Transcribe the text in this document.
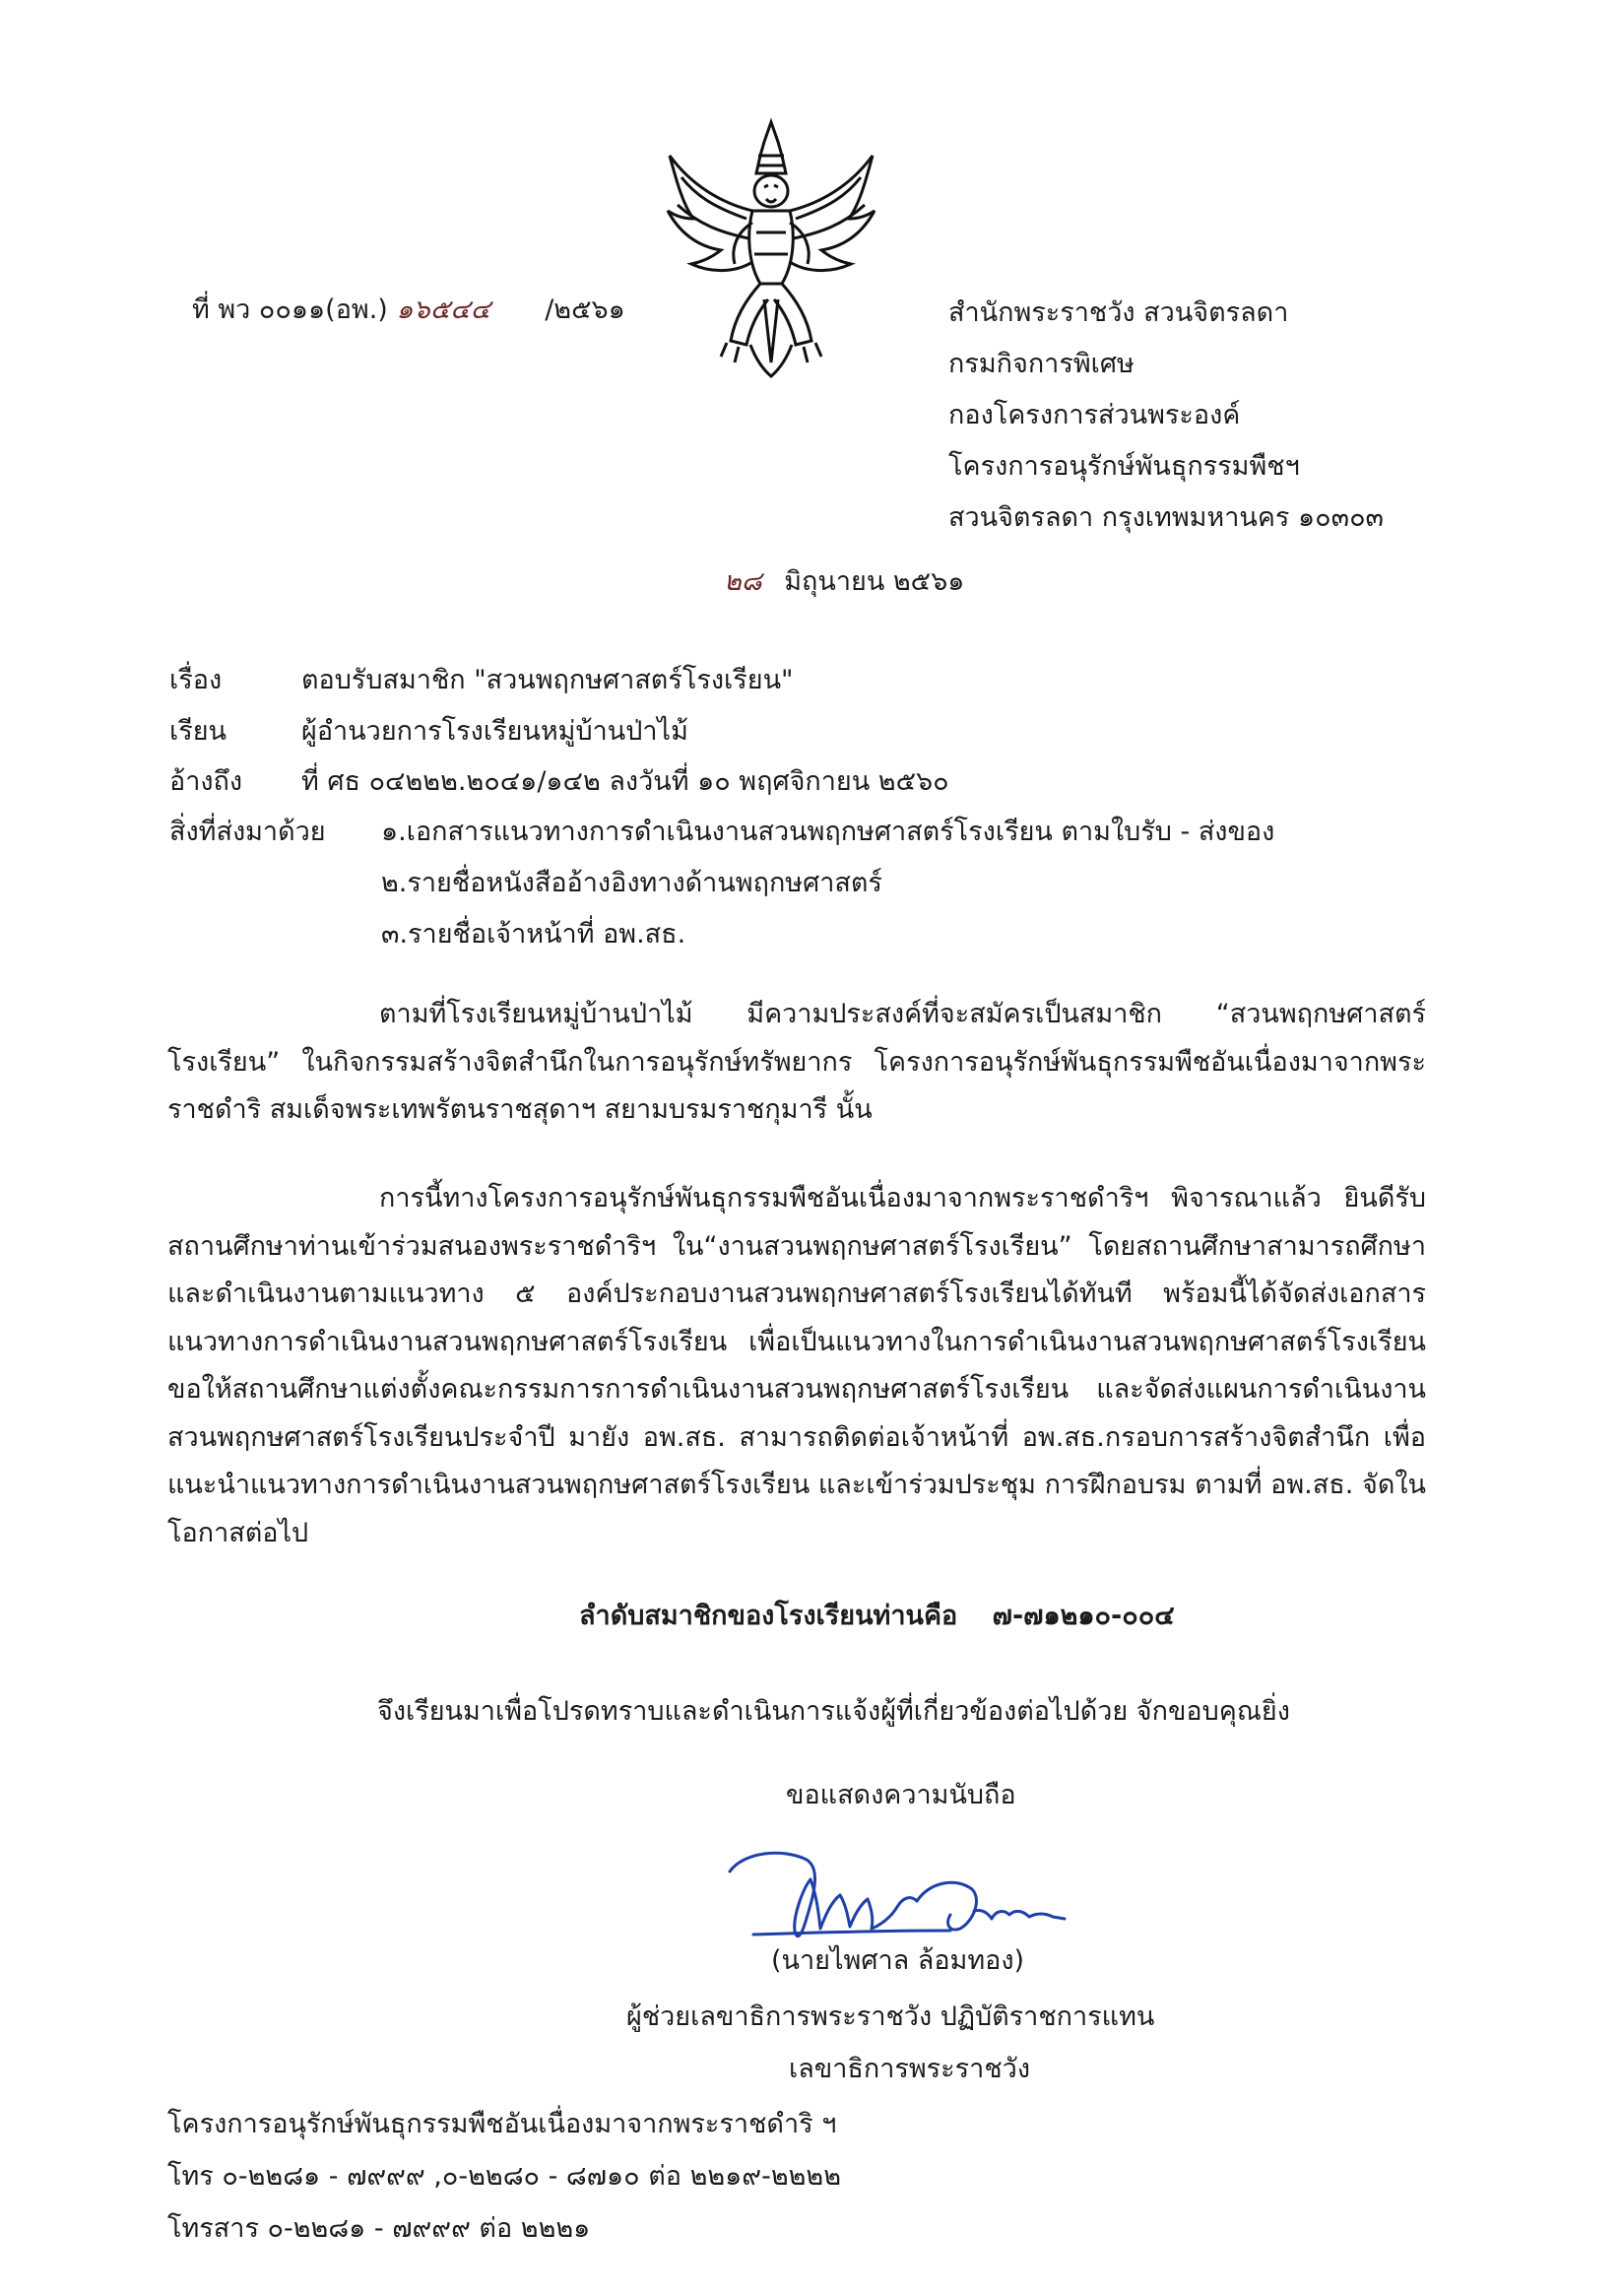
ที่ พว ๐๐๑๑(อพ.) ๑๖๕๔๔ /๒๕๖๑	สำนักพระราชวัง สวนจิตรลดา
กรมกิจการพิเศษ
กองโครงการส่วนพระองค์
โครงการอนุรักษ์พันธุกรรมพืชฯ
สวนจิตรลดา กรุงเทพมหานคร ๑๐๓๐๓
๒๘ มิถุนายน ๒๕๖๑
เรื่อง	ตอบรับสมาชิก "สวนพฤกษศาสตร์โรงเรียน"
เรียน	ผู้อำนวยการโรงเรียนหมู่บ้านป่าไม้
อ้างถึง ที่ ศธ ๐๔๒๒๒.๒๐๔๑/๑๔๒ ลงวันที่ ๑๐ พฤศจิกายน ๒๕๖๐
สิ่งที่ส่งมาด้วย ๑.เอกสารแนวทางการดำเนินงานสวนพฤกษศาสตร์โรงเรียน ตามใบรับ - ส่งของ
๒.รายชื่อหนังสืออ้างอิงทางด้านพฤกษศาสตร์
๓.รายชื่อเจ้าหน้าที่ อพ.สธ.
ตามที่โรงเรียนหมู่บ้านป่าไม้ มีความประสงค์ที่จะสมัครเป็นสมาชิก “สวนพฤกษศาสตร์โรงเรียน” ในกิจกรรมสร้างจิตสำนึกในการอนุรักษ์ทรัพยากร โครงการอนุรักษ์พันธุกรรมพืชอันเนื่องมาจากพระราชดำริ สมเด็จพระเทพรัตนราชสุดาฯ สยามบรมราชกุมารี นั้น
การนี้ทางโครงการอนุรักษ์พันธุกรรมพืชอันเนื่องมาจากพระราชดำริฯ พิจารณาแล้ว ยินดีรับสถานศึกษาท่านเข้าร่วมสนองพระราชดำริฯ ใน“งานสวนพฤกษศาสตร์โรงเรียน” โดยสถานศึกษาสามารถศึกษาและดำเนินงานตามแนวทาง ๕ องค์ประกอบงานสวนพฤกษศาสตร์โรงเรียนได้ทันที พร้อมนี้ได้จัดส่งเอกสารแนวทางการดำเนินงานสวนพฤกษศาสตร์โรงเรียน เพื่อเป็นแนวทางในการดำเนินงานสวนพฤกษศาสตร์โรงเรียน ขอให้สถานศึกษาแต่งตั้งคณะกรรมการการดำเนินงานสวนพฤกษศาสตร์โรงเรียน และจัดส่งแผนการดำเนินงานสวนพฤกษศาสตร์โรงเรียนประจำปี มายัง อพ.สธ. สามารถติดต่อเจ้าหน้าที่ อพ.สธ.กรอบการสร้างจิตสำนึก เพื่อแนะนำแนวทางการดำเนินงานสวนพฤกษศาสตร์โรงเรียน และเข้าร่วมประชุม การฝึกอบรม ตามที่ อพ.สธ. จัดในโอกาสต่อไป
ลำดับสมาชิกของโรงเรียนท่านคือ ๗-๗๑๒๑๐-๐๐๔
จึงเรียนมาเพื่อโปรดทราบและดำเนินการแจ้งผู้ที่เกี่ยวข้องต่อไปด้วย จักขอบคุณยิ่ง
ขอแสดงความนับถือ
(นายไพศาล ล้อมทอง)
ผู้ช่วยเลขาธิการพระราชวัง ปฏิบัติราชการแทน
เลขาธิการพระราชวัง
โครงการอนุรักษ์พันธุกรรมพืชอันเนื่องมาจากพระราชดำริ ฯ
โทร ๐-๒๒๘๑ - ๗๙๙๙ ,๐-๒๒๘๐ - ๘๗๑๐ ต่อ ๒๒๑๙-๒๒๒๒
โทรสาร ๐-๒๒๘๑ - ๗๙๙๙ ต่อ ๒๒๒๑
